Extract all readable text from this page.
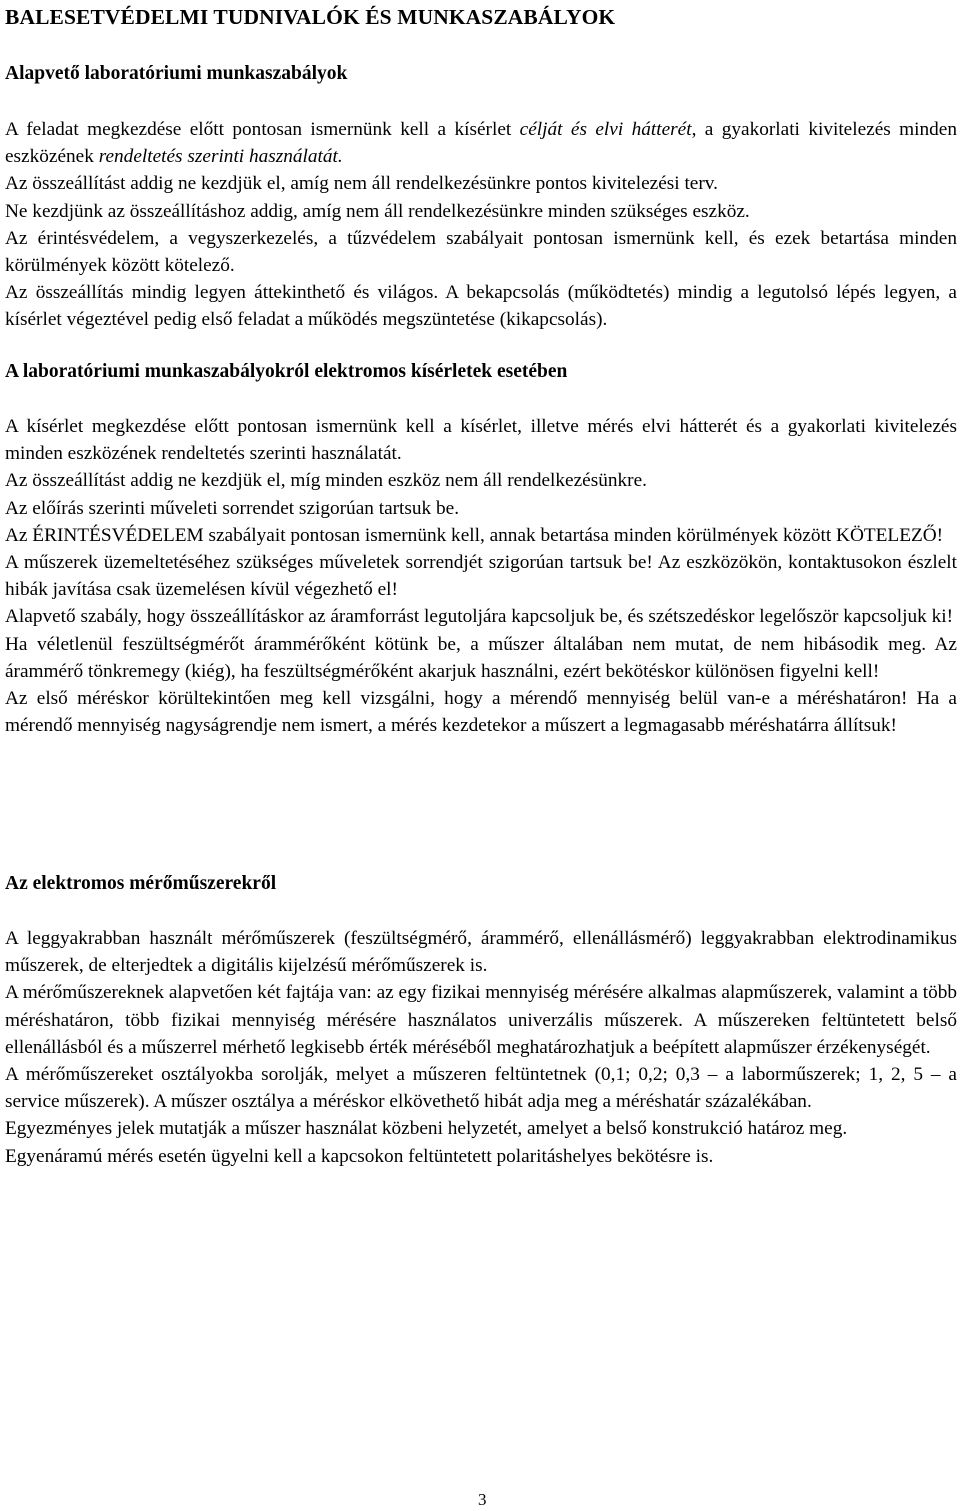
BALESETVÉDELMI TUDNIVALÓK ÉS MUNKASZABÁLYOK
Alapvető laboratóriumi munkaszabályok

A feladat megkezdése előtt pontosan ismernünk kell a kísérlet célját és elvi hátterét, a gyakorlati kivitelezés minden eszközének rendeltetés szerinti használatát.

Az összeállítást addig ne kezdjük el, amíg nem áll rendelkezésünkre pontos kivitelezési terv.

Ne kezdjünk az összeállításhoz addig, amíg nem áll rendelkezésünkre minden szükséges eszköz.

Az érintésvédelem, a vegyszerkezelés, a tűzvédelem szabályait pontosan ismernünk kell, és ezek betartása minden körülmények között kötelező.

Az összeállítás mindig legyen áttekinthető és világos. A bekapcsolás (működtetés) mindig a legutolsó lépés legyen, a kísérlet végeztével pedig első feladat a működés megszüntetése (kikapcsolás).

A laboratóriumi munkaszabályokról elektromos kísérletek esetében

A kísérlet megkezdése előtt pontosan ismernünk kell a kísérlet, illetve mérés elvi hátterét és a gyakorlati kivitelezés minden eszközének rendeltetés szerinti használatát.

Az összeállítást addig ne kezdjük el, míg minden eszköz nem áll rendelkezésünkre.

Az előírás szerinti műveleti sorrendet szigorúan tartsuk be.

Az ÉRINTÉSVÉDELEM szabályait pontosan ismernünk kell, annak betartása minden körülmények között KÖTELEZŐ!

A műszerek üzemeltetéséhez szükséges műveletek sorrendjét szigorúan tartsuk be! Az eszközökön, kontaktusokon észlelt hibák javítása csak üzemelésen kívül végezhető el!

Alapvető szabály, hogy összeállításkor az áramforrást legutoljára kapcsoljuk be, és szétszedéskor legelőször kapcsoljuk ki!

Ha véletlenül feszültségmérőt árammérőként kötünk be, a műszer általában nem mutat, de nem hibásodik meg. Az árammérő tönkremegy (kiég), ha feszültségmérőként akarjuk használni, ezért bekötéskor különösen figyelni kell!

Az első méréskor körültekintően meg kell vizsgálni, hogy a mérendő mennyiség belül van-e a méréshatáron! Ha a mérendő mennyiség nagyságrendje nem ismert, a mérés kezdetekor a műszert a legmagasabb méréshatárra állítsuk!

Az elektromos mérőműszerekről

A leggyakrabban használt mérőműszerek (feszültségmérő, árammérő, ellenállásmérő) leggyakrabban elektrodinamikus műszerek, de elterjedtek a digitális kijelzésű mérőműszerek is.

A mérőműszereknek alapvetően két fajtája van: az egy fizikai mennyiség mérésére alkalmas alapműszerek, valamint a több méréshatáron, több fizikai mennyiség mérésére használatos univerzális műszerek. A műszereken feltüntetett belső ellenállásból és a műszerrel mérhető legkisebb érték méréséből meghatározhatjuk a beépített alapműszer érzékenységét.

A mérőműszereket osztályokba sorolják, melyet a műszeren feltüntetnek (0,1; 0,2; 0,3 – a laborműszerek; 1, 2, 5 – a service műszerek). A műszer osztálya a méréskor elkövethető hibát adja meg a méréshatár százalékában.

Egyezményes jelek mutatják a műszer használat közbeni helyzetét, amelyet a belső konstrukció határoz meg.

Egyenáramú mérés esetén ügyelni kell a kapcsokon feltüntetett polaritáshelyes bekötésre is.

3
